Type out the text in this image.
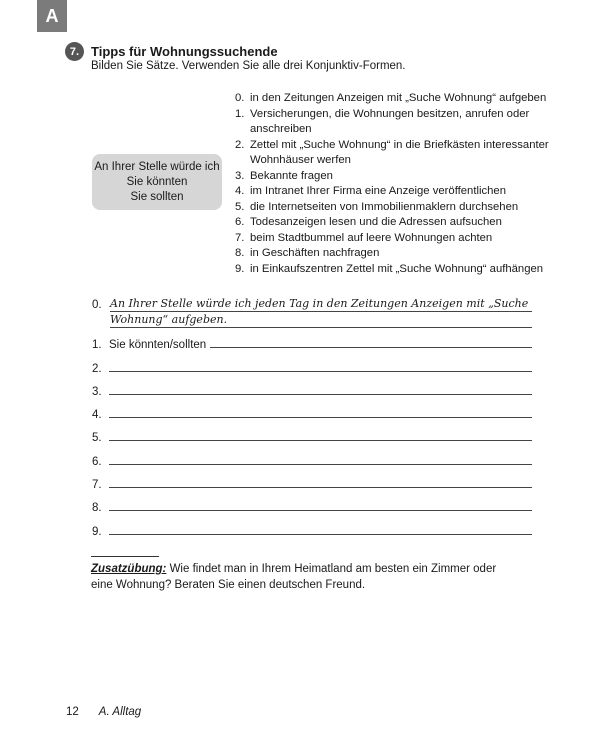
A
7. Tipps für Wohnungssuchende
Bilden Sie Sätze. Verwenden Sie alle drei Konjunktiv-Formen.
An Ihrer Stelle würde ich
Sie könnten
Sie sollten
0. in den Zeitungen Anzeigen mit „Suche Wohnung“ aufgeben
1. Versicherungen, die Wohnungen besitzen, anrufen oder anschreiben
2. Zettel mit „Suche Wohnung“ in die Briefkästen interessanter Wohnhäuser werfen
3. Bekannte fragen
4. im Intranet Ihrer Firma eine Anzeige veröffentlichen
5. die Internetseiten von Immobilienmaklern durchsehen
6. Todesanzeigen lesen und die Adressen aufsuchen
7. beim Stadtbummel auf leere Wohnungen achten
8. in Geschäften nachfragen
9. in Einkaufszentren Zettel mit „Suche Wohnung“ aufhängen
0. An Ihrer Stelle würde ich jeden Tag in den Zeitungen Anzeigen mit „Suche Wohnung“ aufgeben.
1. Sie könnten/sollten
2.
3.
4.
5.
6.
7.
8.
9.
Zusatzübung: Wie findet man in Ihrem Heimatland am besten ein Zimmer oder eine Wohnung? Beraten Sie einen deutschen Freund.
12 A. Alltag
